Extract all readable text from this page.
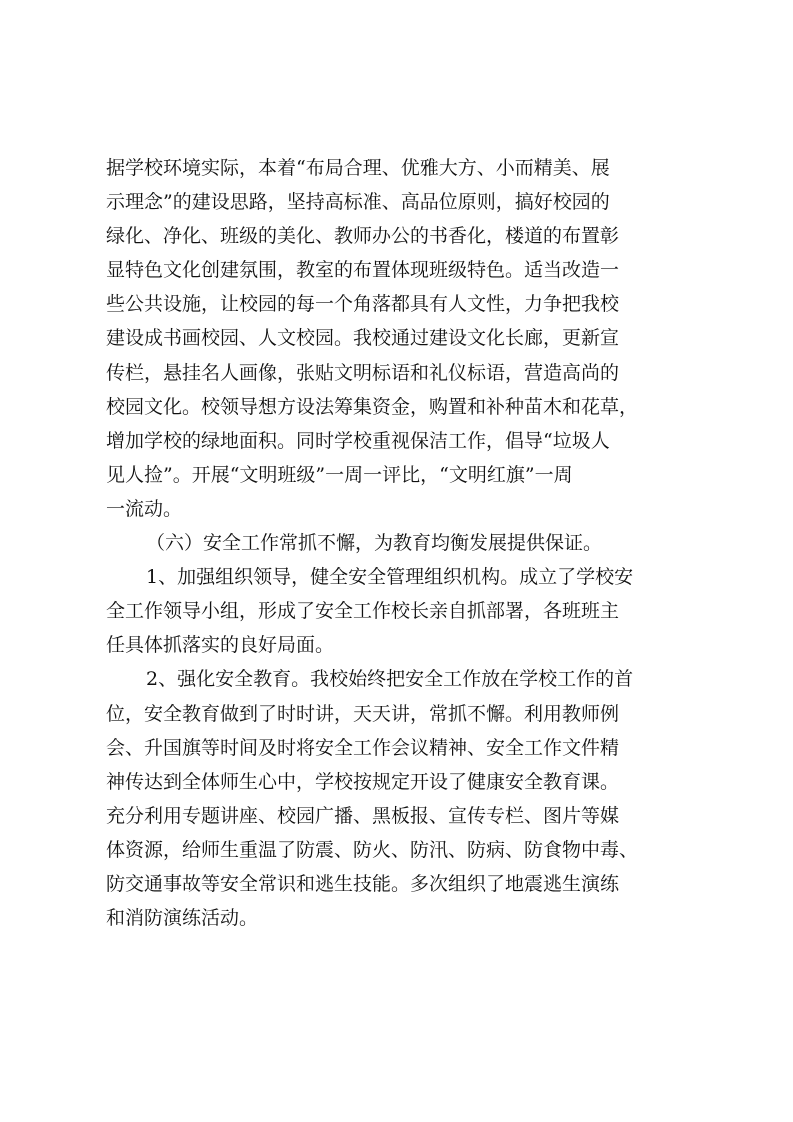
据学校环境实际，本着“布局合理、优雅大方、小而精美、展
示理念”的建设思路，坚持高标准、高品位原则，搞好校园的
绿化、净化、班级的美化、教师办公的书香化，楼道的布置彰
显特色文化创建氛围，教室的布置体现班级特色。适当改造一
些公共设施，让校园的每一个角落都具有人文性，力争把我校
建设成书画校园、人文校园。我校通过建设文化长廊，更新宣
传栏，悬挂名人画像，张贴文明标语和礼仪标语，营造高尚的
校园文化。校领导想方设法筹集资金，购置和补种苗木和花草，
增加学校的绿地面积。同时学校重视保洁工作，倡导“垃圾人
见人捡”。开展“文明班级”一周一评比，“文明红旗”一周
一流动。
（六）安全工作常抓不懈，为教育均衡发展提供保证。
1、加强组织领导，健全安全管理组织机构。成立了学校安
全工作领导小组，形成了安全工作校长亲自抓部署，各班班主
任具体抓落实的良好局面。
2、强化安全教育。我校始终把安全工作放在学校工作的首
位，安全教育做到了时时讲，天天讲，常抓不懈。利用教师例
会、升国旗等时间及时将安全工作会议精神、安全工作文件精
神传达到全体师生心中，学校按规定开设了健康安全教育课。
充分利用专题讲座、校园广播、黑板报、宣传专栏、图片等媒
体资源，给师生重温了防震、防火、防汛、防病、防食物中毒、
防交通事故等安全常识和逃生技能。多次组织了地震逃生演练
和消防演练活动。
